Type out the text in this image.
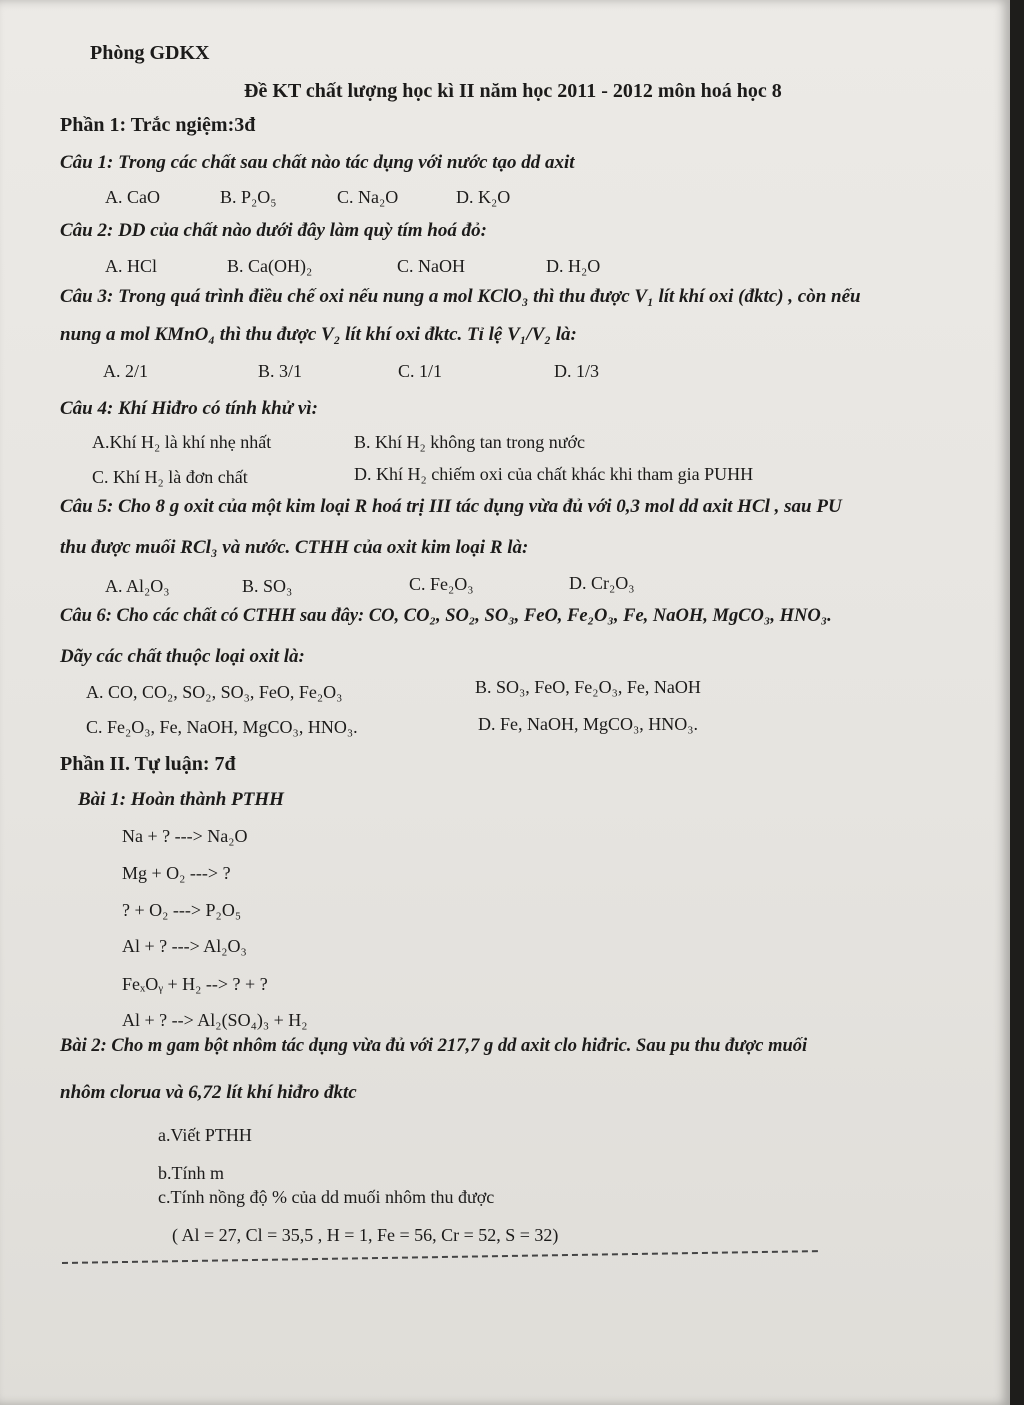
Phòng GDKX
Đề KT chất lượng học kì II năm học 2011 - 2012 môn hoá học 8
Phần 1: Trắc ngiệm:3đ
Câu 1: Trong các chất sau chất nào tác dụng với nước tạo dd axit
A. CaO	B. P₂O₅	C. Na₂O	D. K₂O
Câu 2: DD của chất nào dưới đây làm quỳ tím hoá đỏ:
A. HCl	B. Ca(OH)₂	C. NaOH	D. H₂O
Câu 3: Trong quá trình điều chế oxi nếu nung a mol KClO₃ thì thu được V₁ lít khí oxi (đktc) , còn nếu
nung a mol KMnO₄ thì thu được V₂ lít khí oxi đktc. Tỉ lệ V₁/V₂ là:
A. 2/1	B. 3/1	C. 1/1	D. 1/3
Câu 4: Khí Hiđro có tính khử vì:
A.Khí H₂ là khí nhẹ nhất	B. Khí H₂ không tan trong nước
C. Khí H₂ là đơn chất	D. Khí H₂ chiếm oxi của chất khác khi tham gia PUHH
Câu 5: Cho 8 g oxit của một kim loại R hoá trị III tác dụng vừa đủ với 0,3 mol dd axit HCl , sau PU
thu được muối RCl₃ và nước. CTHH của oxit kim loại R là:
A. Al₂O₃	B. SO₃	C. Fe₂O₃	D. Cr₂O₃
Câu 6: Cho các chất có CTHH sau đây: CO, CO₂, SO₂, SO₃, FeO, Fe₂O₃, Fe, NaOH, MgCO₃, HNO₃.
Dãy các chất thuộc loại oxit là:
A. CO, CO₂, SO₂, SO₃, FeO, Fe₂O₃	B. SO₃, FeO, Fe₂O₃, Fe, NaOH
C. Fe₂O₃, Fe, NaOH, MgCO₃, HNO₃.	D. Fe, NaOH, MgCO₃, HNO₃.
Phần II. Tự luận: 7đ
Bài 1: Hoàn thành PTHH
Na + ? ---> Na₂O
Mg + O₂ ---> ?
? + O₂ ---> P₂O₅
Al + ? ---> Al₂O₃
FeₓOᵧ + H₂ --> ? + ?
Al + ? --> Al₂(SO₄)₃ + H₂
Bài 2: Cho m gam bột nhôm tác dụng vừa đủ với 217,7 g dd axit clo hiđric. Sau pu thu được muối
nhôm clorua và 6,72 lít khí hiđro đktc
a.Viết PTHH
b.Tính m
c.Tính nồng độ % của dd muối nhôm thu được
( Al = 27, Cl = 35,5 , H = 1, Fe = 56, Cr = 52, S = 32)
